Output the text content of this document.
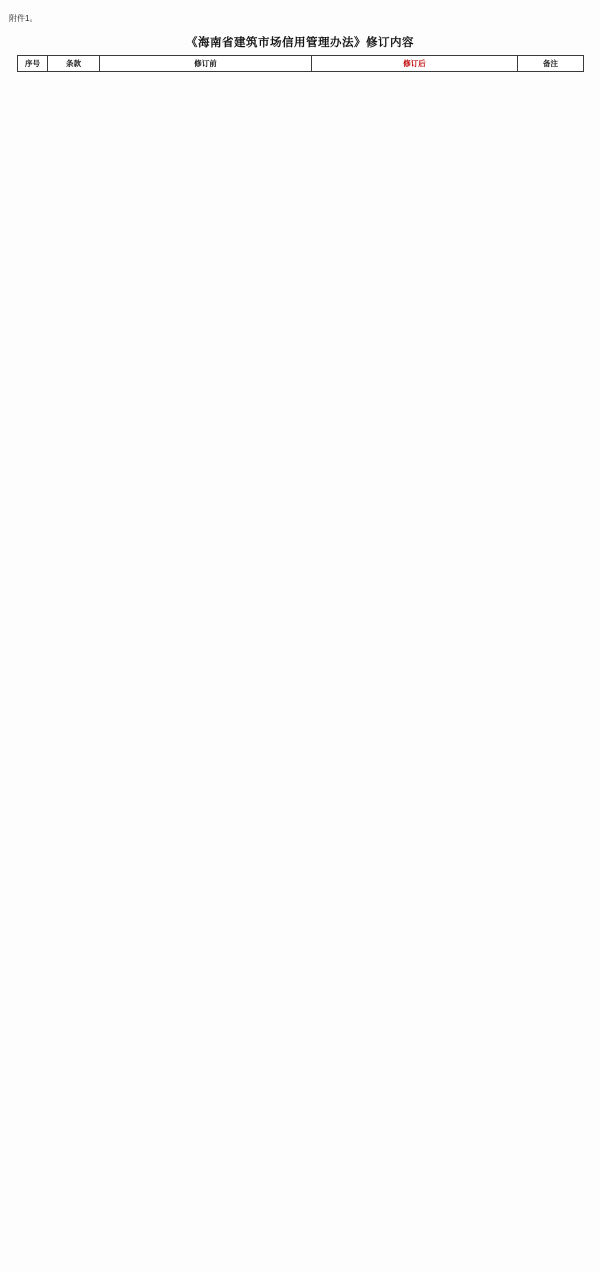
附件1。
《海南省建筑市场信用管理办法》修订内容
序号	条款	修订前	修订后	备注
